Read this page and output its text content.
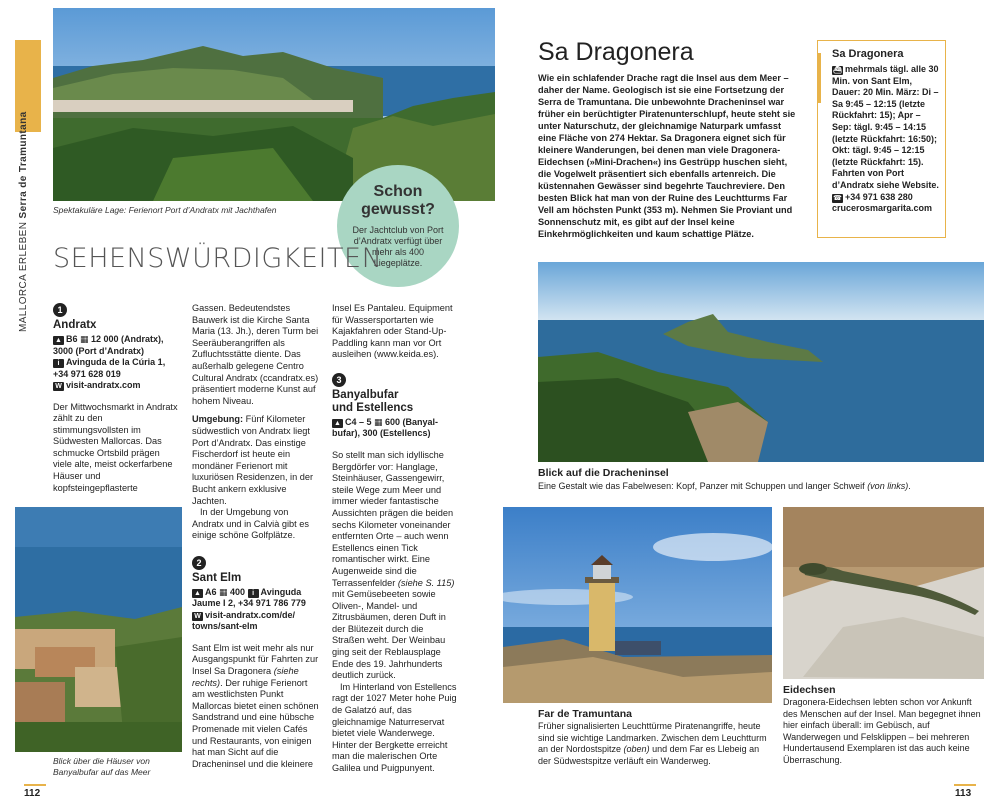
MALLORCA ERLEBEN Serra de Tramuntana	Spektakuläre Lage: Ferienort Port d’Andratx mit Jachthafen
Schon
gewusst?
Der Jachtclub von Port d’Andratx verfügt über mehr als 400 Liegeplätze.
SEHENSWÜRDIGKEITEN
1
Andratx
▲ B6 ▦ 12 000 (Andratx),
3000 (Port d’Andratx)
i Avinguda de la Cúria 1,
+34 971 628 019
W visit-andratx.com

Der Mittwochsmarkt in Andratx zählt zu den stimmungsvollsten im Südwesten Mallorcas. Das schmucke Ortsbild prägen viele alte, meist ockerfarbene Häuser und kopfsteingepflasterte

Blick über die Häuser von Banyalbufar auf das Meer

Gassen. Bedeutendstes Bauwerk ist die Kirche Santa Maria (13. Jh.), deren Turm bei Seeräuberangriffen als Zufluchtsstätte diente. Das außerhalb gelegene Centro Cultural Andratx (ccandratx.es) präsentiert moderne Kunst auf hohem Niveau.

Umgebung: Fünf Kilometer südwestlich von Andratx liegt Port d’Andratx. Das einstige Fischerdorf ist heute ein mondäner Ferienort mit luxuriösen Residenzen, in der Bucht ankern exklusive Jachten.

In der Umgebung von Andratx und in Calvià gibt es einige schöne Golfplätze.

2
Sant Elm
▲ A6 ▦ 400 i Avinguda
Jaume I 2, +34 971 786 779
W visit-andratx.com/de/
towns/sant-elm

Sant Elm ist weit mehr als nur Ausgangspunkt für Fahrten zur Insel Sa Dragonera (siehe rechts). Der ruhige Ferienort am westlichsten Punkt Mallorcas bietet einen schönen Sandstrand und eine hübsche Promenade mit vielen Cafés und Restaurants, von einigen hat man Sicht auf die Dracheninsel und die kleinere

Insel Es Pantaleu. Equipment für Wassersportarten wie Kajakfahren oder Stand-Up-Paddling kann man vor Ort ausleihen (www.keida.es).

3
Banyalbufar
und Estellencs
▲ C4 – 5 ▦ 600 (Banyal-
bufar), 300 (Estellencs)

So stellt man sich idyllische Bergdörfer vor: Hanglage, Steinhäuser, Gassengewirr, steile Wege zum Meer und immer wieder fantastische Aussichten prägen die beiden sechs Kilometer voneinander entfernten Orte – auch wenn Estellencs einen Tick romantischer wirkt. Eine Augenweide sind die Terrassenfelder (siehe S. 115) mit Gemüsebeeten sowie Oliven-, Mandel- und Zitrusbäumen, deren Duft in der Blütezeit durch die Straßen weht. Der Weinbau ging seit der Reblausplage Ende des 19. Jahrhunderts deutlich zurück.

Im Hinterland von Estellencs ragt der 1027 Meter hohe Puig de Galatzó auf, das gleichnamige Naturreservat bietet viele Wanderwege. Hinter der Bergkette erreicht man die malerischen Orte Galilea und Puigpunyent.

112
Sa Dragonera
Wie ein schlafender Drache ragt die Insel aus dem Meer – daher der Name. Geologisch ist sie eine Fortsetzung der Serra de Tramuntana. Die unbewohnte Dracheninsel war früher ein berüchtigter Piratenunterschlupf, heute steht sie unter Naturschutz, der gleichnamige Naturpark umfasst eine Fläche von 274 Hektar. Sa Dragonera eignet sich für kleinere Wanderungen, bei denen man viele Dragonera-Eidechsen (»Mini-Drachen«) ins Gestrüpp huschen sieht, die Vogelwelt präsentiert sich ebenfalls artenreich. Die küstennahen Gewässer sind begehrte Tauchreviere. Den besten Blick hat man von der Ruine des Leuchtturms Far Vell am höchsten Punkt (353 m). Nehmen Sie Proviant und Sonnenschutz mit, es gibt auf der Insel keine Einkehrmöglichkeiten und kaum schattige Plätze.
Sa Dragonera
⛴ mehrmals tägl. alle 30 Min. von Sant Elm, Dauer: 20 Min. März: Di – Sa 9:45 – 12:15 (letzte Rückfahrt: 15); Apr – Sep: tägl. 9:45 – 14:15 (letzte Rückfahrt: 16:50); Okt: tägl. 9:45 – 12:15 (letzte Rückfahrt: 15). Fahrten von Port d’Andratx siehe Website.
☎ +34 971 638 280
crucerosmargarita.com
Blick auf die Dracheninsel
Eine Gestalt wie das Fabelwesen: Kopf, Panzer mit Schuppen und langer Schweif (von links).
Far de Tramuntana
Früher signalisierten Leuchttürme Piratenangriffe, heute sind sie wichtige Landmarken. Zwischen dem Leuchtturm an der Nordostspitze (oben) und dem Far es Llebeig an der Südwestspitze verläuft ein Wanderweg.
Eidechsen
Dragonera-Eidechsen lebten schon vor Ankunft des Menschen auf der Insel. Man begegnet ihnen hier einfach überall: im Gebüsch, auf Wanderwegen und Felsklippen – bei mehreren Hundertausend Exemplaren ist das auch keine Überraschung.
113
